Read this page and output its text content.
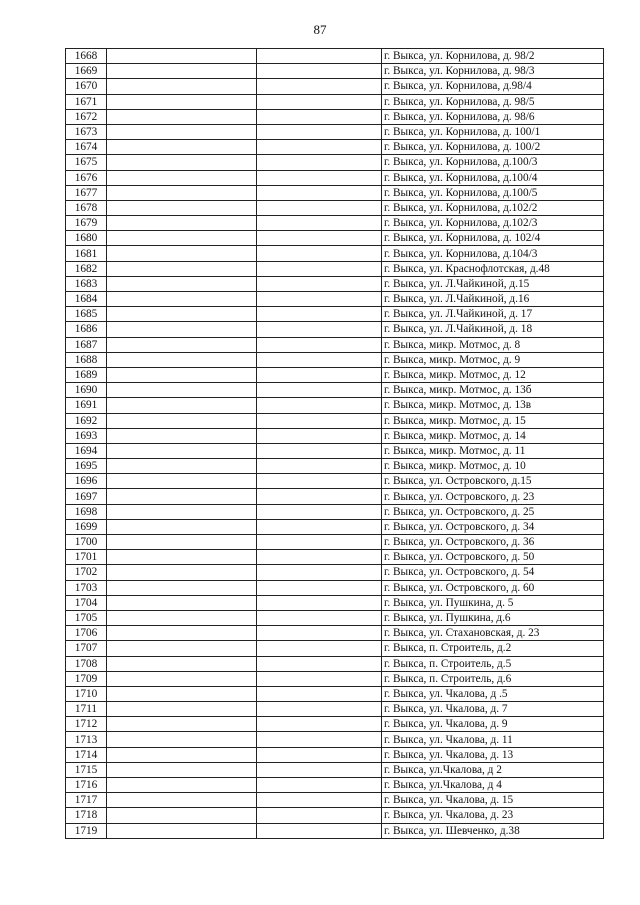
87
1668			г. Выкса, ул. Корнилова, д. 98/2
1669			г. Выкса, ул. Корнилова, д. 98/3
1670			г. Выкса, ул. Корнилова, д.98/4
1671			г. Выкса, ул. Корнилова, д. 98/5
1672			г. Выкса, ул. Корнилова, д. 98/6
1673			г. Выкса, ул. Корнилова, д. 100/1
1674			г. Выкса, ул. Корнилова, д. 100/2
1675			г. Выкса, ул. Корнилова, д.100/3
1676			г. Выкса, ул. Корнилова, д.100/4
1677			г. Выкса, ул. Корнилова, д.100/5
1678			г. Выкса, ул. Корнилова, д.102/2
1679			г. Выкса, ул. Корнилова, д.102/3
1680			г. Выкса, ул. Корнилова, д. 102/4
1681			г. Выкса, ул. Корнилова, д.104/3
1682			г. Выкса, ул. Краснофлотская, д.48
1683			г. Выкса, ул. Л.Чайкиной, д.15
1684			г. Выкса, ул. Л.Чайкиной, д.16
1685			г. Выкса, ул. Л.Чайкиной, д. 17
1686			г. Выкса, ул. Л.Чайкиной, д. 18
1687			г. Выкса, микр. Мотмос, д. 8
1688			г. Выкса, микр. Мотмос, д. 9
1689			г. Выкса, микр. Мотмос, д. 12
1690			г. Выкса, микр. Мотмос, д. 13б
1691			г. Выкса, микр. Мотмос, д. 13в
1692			г. Выкса, микр. Мотмос, д. 15
1693			г. Выкса, микр. Мотмос, д. 14
1694			г. Выкса, микр. Мотмос, д. 11
1695			г. Выкса, микр. Мотмос, д. 10
1696			г. Выкса, ул. Островского, д.15
1697			г. Выкса, ул. Островского, д. 23
1698			г. Выкса, ул. Островского, д. 25
1699			г. Выкса, ул. Островского, д. 34
1700			г. Выкса, ул. Островского, д. 36
1701			г. Выкса, ул. Островского, д. 50
1702			г. Выкса, ул. Островского, д. 54
1703			г. Выкса, ул. Островского, д. 60
1704			г. Выкса, ул. Пушкина, д. 5
1705			г. Выкса, ул. Пушкина, д.6
1706			г. Выкса, ул. Стахановская, д. 23
1707			г. Выкса, п. Строитель, д.2
1708			г. Выкса, п. Строитель, д.5
1709			г. Выкса, п. Строитель, д.6
1710			г. Выкса, ул. Чкалова, д .5
1711			г. Выкса, ул. Чкалова, д. 7
1712			г. Выкса, ул. Чкалова, д. 9
1713			г. Выкса, ул. Чкалова, д. 11
1714			г. Выкса, ул. Чкалова, д. 13
1715			г. Выкса, ул.Чкалова, д 2
1716			г. Выкса, ул.Чкалова, д 4
1717			г. Выкса, ул. Чкалова, д. 15
1718			г. Выкса, ул. Чкалова, д. 23
1719			г. Выкса, ул. Шевченко, д.38
